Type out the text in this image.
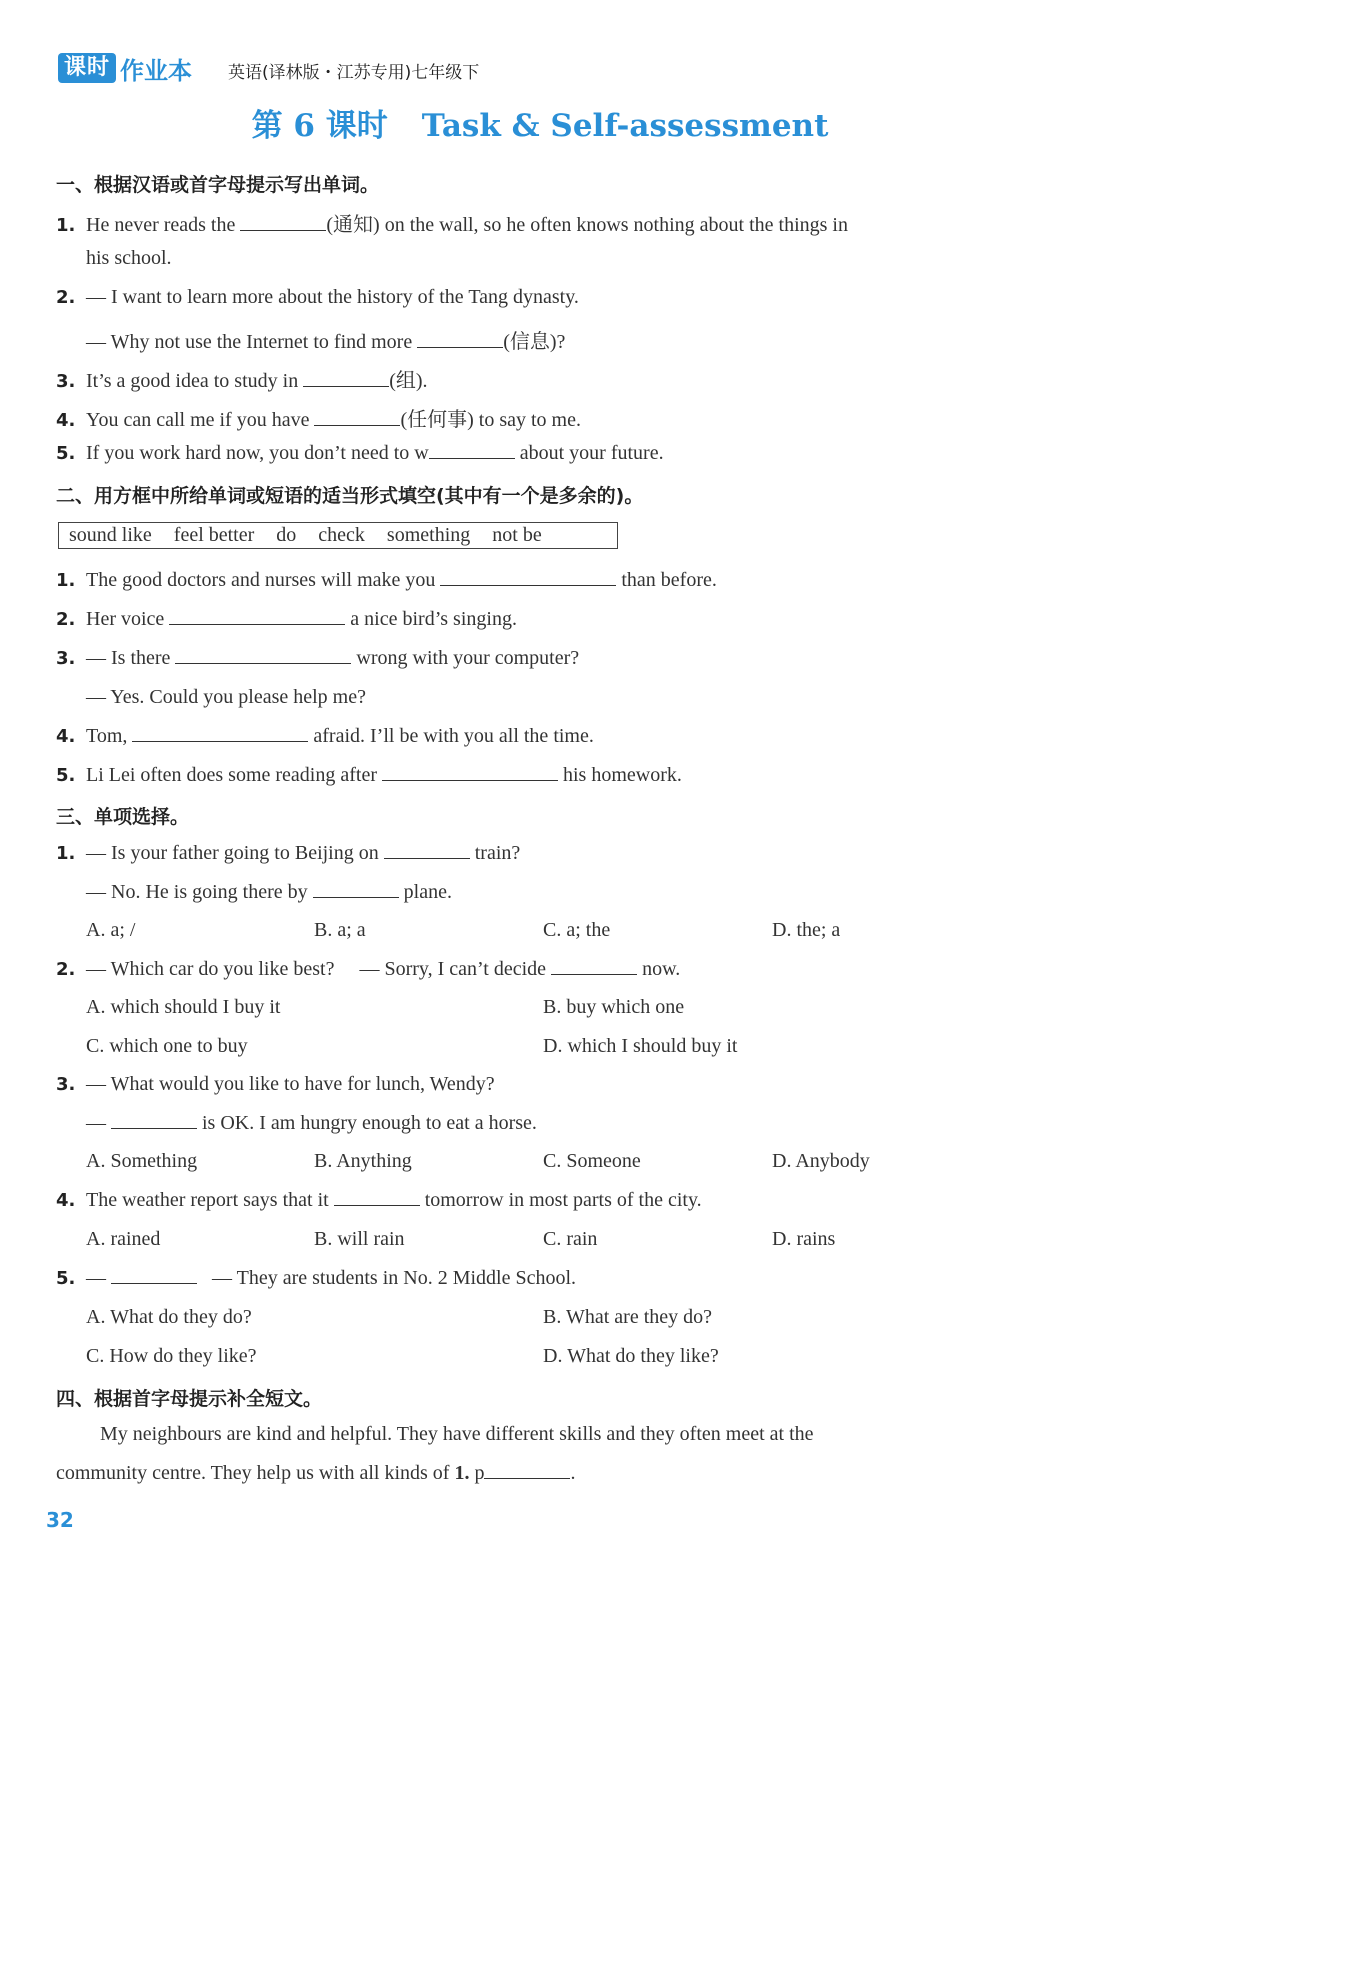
课时 作业本 英语(译林版・江苏专用)七年级下
第 6 课时 Task & Self-assessment
一、根据汉语或首字母提示写出单词。
1. He never reads the	(通知) on the wall, so he often knows nothing about the things in
his school.
2. — I want to learn more about the history of the Tang dynasty.
— Why not use the Internet to find more	(信息)?
3. It’s a good idea to study in	(组).
4. You can call me if you have	(任何事) to say to me.
5. If you work hard now, you don’t need to w	about your future.
二、用方框中所给单词或短语的适当形式填空(其中有一个是多余的)。
sound like feel better do check something not be
1. The good doctors and nurses will make you	than before.
2. Her voice	a nice bird’s singing.
3. — Is there	wrong with your computer?
— Yes. Could you please help me?
4. Tom,	afraid. I’ll be with you all the time.
5. Li Lei often does some reading after	his homework.
三、单项选择。
1. — Is your father going to Beijing on	train?
— No. He is going there by	plane.
A. a; /	B. a; a	C. a; the	D. the; a
2. — Which car do you like best?     — Sorry, I can’t decide	now.
A. which should I buy it	B. buy which one
C. which one to buy	D. which I should buy it
3. — What would you like to have for lunch, Wendy?
—	is OK. I am hungry enough to eat a horse.
A. Something	B. Anything	C. Someone	D. Anybody
4. The weather report says that it	tomorrow in most parts of the city.
A. rained	B. will rain	C. rain	D. rains
5. —	— They are students in No. 2 Middle School.
A. What do they do?	B. What are they do?
C. How do they like?	D. What do they like?
四、根据首字母提示补全短文。
My neighbours are kind and helpful. They have different skills and they often meet at the
community centre. They help us with all kinds of 1. p	.
32
